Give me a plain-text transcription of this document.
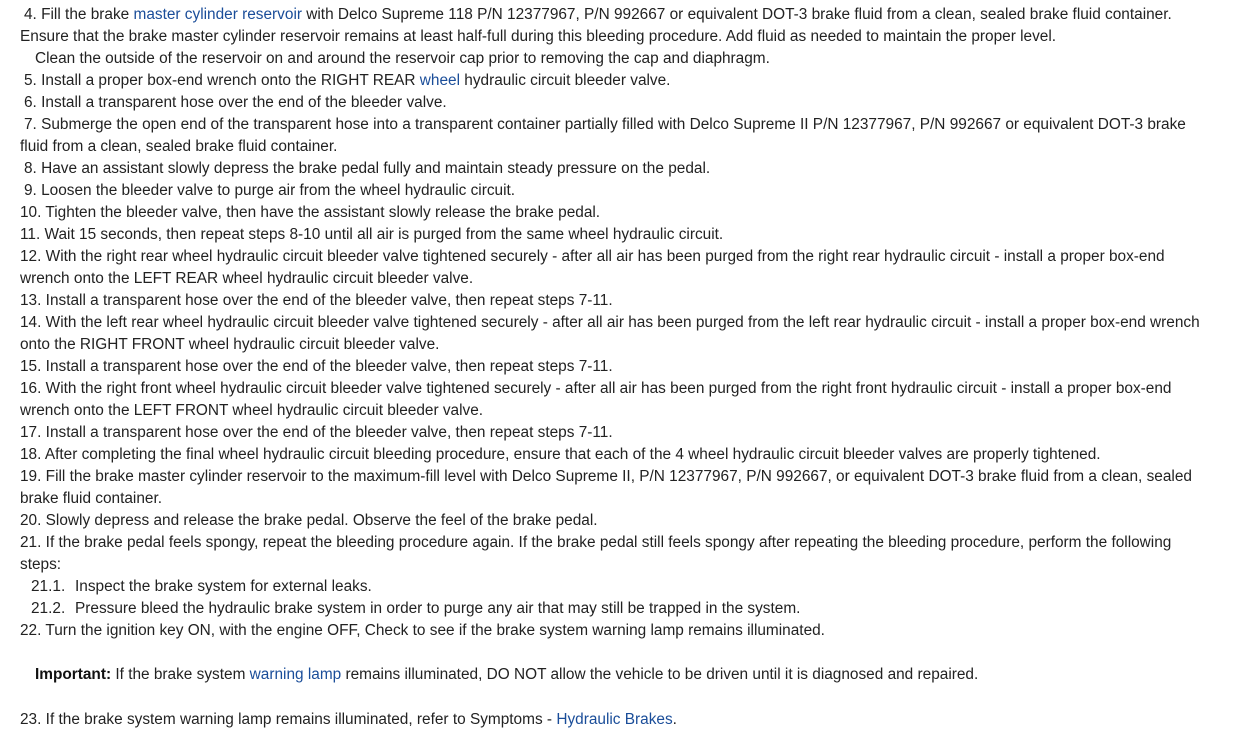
4. Fill the brake master cylinder reservoir with Delco Supreme 118 P/N 12377967, P/N 992667 or equivalent DOT-3 brake fluid from a clean, sealed brake fluid container.
Ensure that the brake master cylinder reservoir remains at least half-full during this bleeding procedure. Add fluid as needed to maintain the proper level.
Clean the outside of the reservoir on and around the reservoir cap prior to removing the cap and diaphragm.
5. Install a proper box-end wrench onto the RIGHT REAR wheel hydraulic circuit bleeder valve.
6. Install a transparent hose over the end of the bleeder valve.
7. Submerge the open end of the transparent hose into a transparent container partially filled with Delco Supreme II P/N 12377967, P/N 992667 or equivalent DOT-3 brake
fluid from a clean, sealed brake fluid container.
8. Have an assistant slowly depress the brake pedal fully and maintain steady pressure on the pedal.
9. Loosen the bleeder valve to purge air from the wheel hydraulic circuit.
10. Tighten the bleeder valve, then have the assistant slowly release the brake pedal.
11. Wait 15 seconds, then repeat steps 8-10 until all air is purged from the same wheel hydraulic circuit.
12. With the right rear wheel hydraulic circuit bleeder valve tightened securely - after all air has been purged from the right rear hydraulic circuit - install a proper box-end
wrench onto the LEFT REAR wheel hydraulic circuit bleeder valve.
13. Install a transparent hose over the end of the bleeder valve, then repeat steps 7-11.
14. With the left rear wheel hydraulic circuit bleeder valve tightened securely - after all air has been purged from the left rear hydraulic circuit - install a proper box-end wrench
onto the RIGHT FRONT wheel hydraulic circuit bleeder valve.
15. Install a transparent hose over the end of the bleeder valve, then repeat steps 7-11.
16. With the right front wheel hydraulic circuit bleeder valve tightened securely - after all air has been purged from the right front hydraulic circuit - install a proper box-end
wrench onto the LEFT FRONT wheel hydraulic circuit bleeder valve.
17. Install a transparent hose over the end of the bleeder valve, then repeat steps 7-11.
18. After completing the final wheel hydraulic circuit bleeding procedure, ensure that each of the 4 wheel hydraulic circuit bleeder valves are properly tightened.
19. Fill the brake master cylinder reservoir to the maximum-fill level with Delco Supreme II, P/N 12377967, P/N 992667, or equivalent DOT-3 brake fluid from a clean, sealed
brake fluid container.
20. Slowly depress and release the brake pedal. Observe the feel of the brake pedal.
21. If the brake pedal feels spongy, repeat the bleeding procedure again. If the brake pedal still feels spongy after repeating the bleeding procedure, perform the following
steps:
21.1. Inspect the brake system for external leaks.
21.2. Pressure bleed the hydraulic brake system in order to purge any air that may still be trapped in the system.
22. Turn the ignition key ON, with the engine OFF, Check to see if the brake system warning lamp remains illuminated.
Important: If the brake system warning lamp remains illuminated, DO NOT allow the vehicle to be driven until it is diagnosed and repaired.
23. If the brake system warning lamp remains illuminated, refer to Symptoms - Hydraulic Brakes.
